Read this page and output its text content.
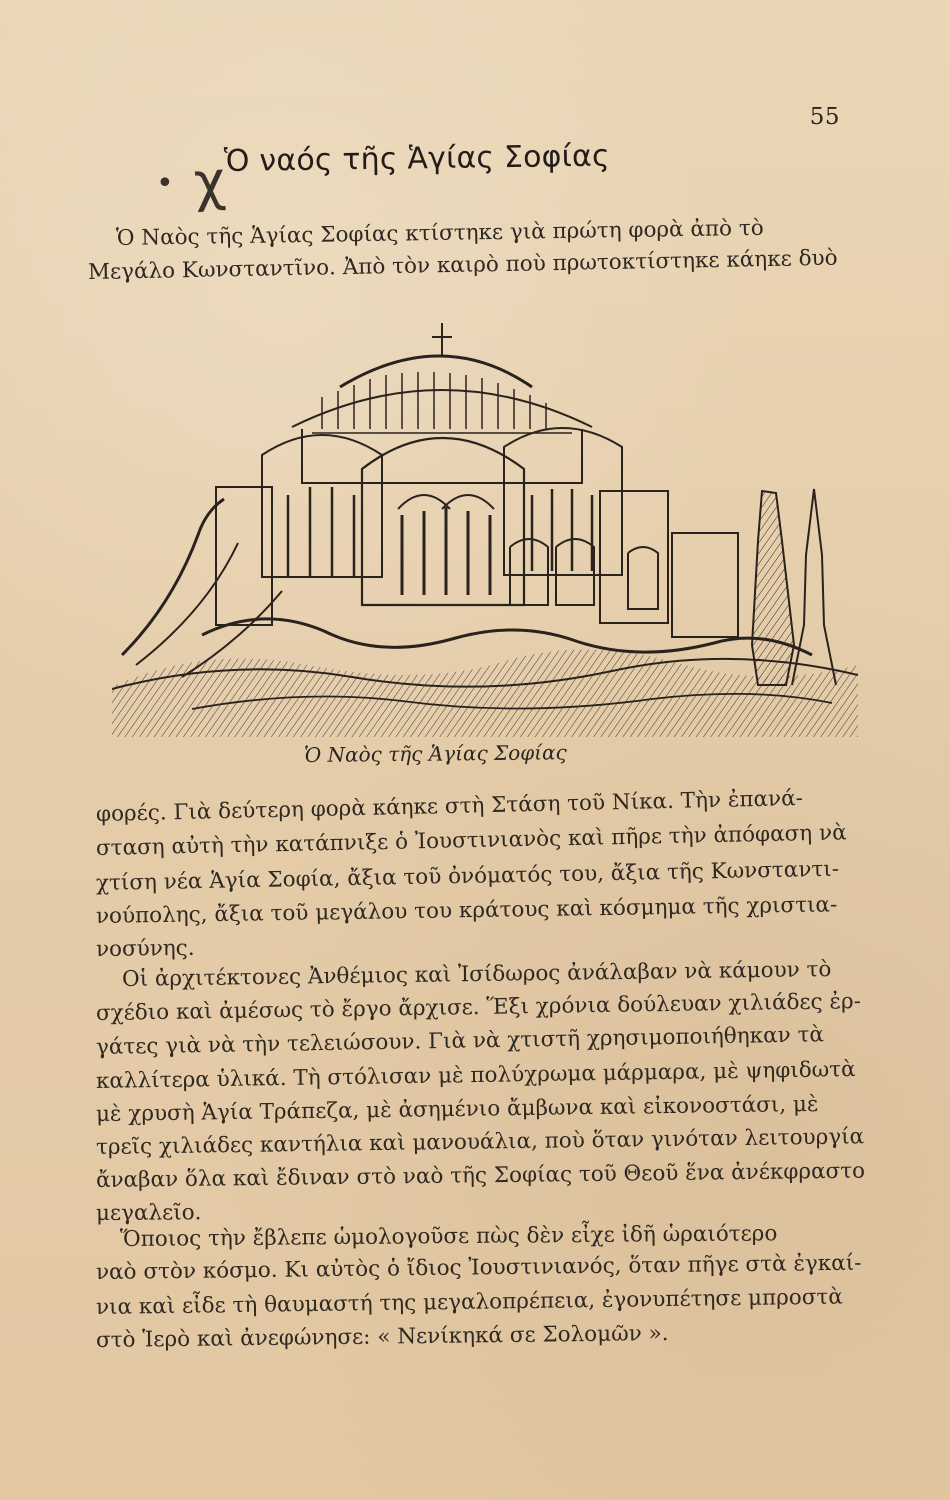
55
• χ
Ὁ ναός τῆς Ἁγίας Σοφίας
Ὁ Ναὸς τῆς Ἁγίας Σοφίας κτίστηκε γιὰ πρώτη φορὰ ἀπὸ τὸ
Μεγάλο Κωνσταντῖνο. Ἀπὸ τὸν καιρὸ ποὺ πρωτοκτίστηκε κάηκε δυὸ
Ὁ Ναὸς τῆς Ἁγίας Σοφίας
φορές. Γιὰ δεύτερη φορὰ κάηκε στὴ Στάση τοῦ Νίκα. Τὴν ἐπανά-
σταση αὐτὴ τὴν κατάπνιξε ὁ Ἰουστινιανὸς καὶ πῆρε τὴν ἀπόφαση νὰ
χτίση νέα Ἁγία Σοφία, ἄξια τοῦ ὀνόματός του, ἄξια τῆς Κωνσταντι-
νούπολης, ἄξια τοῦ μεγάλου του κράτους καὶ κόσμημα τῆς χριστια-
νοσύνης.
Οἱ ἀρχιτέκτονες Ἀνθέμιος καὶ Ἰσίδωρος ἀνάλαβαν νὰ κάμουν τὸ
σχέδιο καὶ ἀμέσως τὸ ἔργο ἄρχισε. Ἕξι χρόνια δούλευαν χιλιάδες ἐρ-
γάτες γιὰ νὰ τὴν τελειώσουν. Γιὰ νὰ χτιστῆ χρησιμοποιήθηκαν τὰ
καλλίτερα ὑλικά. Τὴ στόλισαν μὲ πολύχρωμα μάρμαρα, μὲ ψηφιδωτὰ
μὲ χρυσὴ Ἁγία Τράπεζα, μὲ ἀσημένιο ἄμβωνα καὶ εἰκονοστάσι, μὲ
τρεῖς χιλιάδες καντήλια καὶ μανουάλια, ποὺ ὅταν γινόταν λειτουργία
ἄναβαν ὅλα καὶ ἔδιναν στὸ ναὸ τῆς Σοφίας τοῦ Θεοῦ ἕνα ἀνέκφραστο
μεγαλεῖο.
Ὅποιος τὴν ἔβλεπε ὡμολογοῦσε πὼς δὲν εἶχε ἰδῆ ὡραιότερο
ναὸ στὸν κόσμο. Κι αὐτὸς ὁ ἴδιος Ἰουστινιανός, ὅταν πῆγε στὰ ἐγκαί-
νια καὶ εἶδε τὴ θαυμαστή της μεγαλοπρέπεια, ἐγονυπέτησε μπροστὰ
στὸ Ἱερὸ καὶ ἀνεφώνησε: « Νενίκηκά σε Σολομῶν ».
